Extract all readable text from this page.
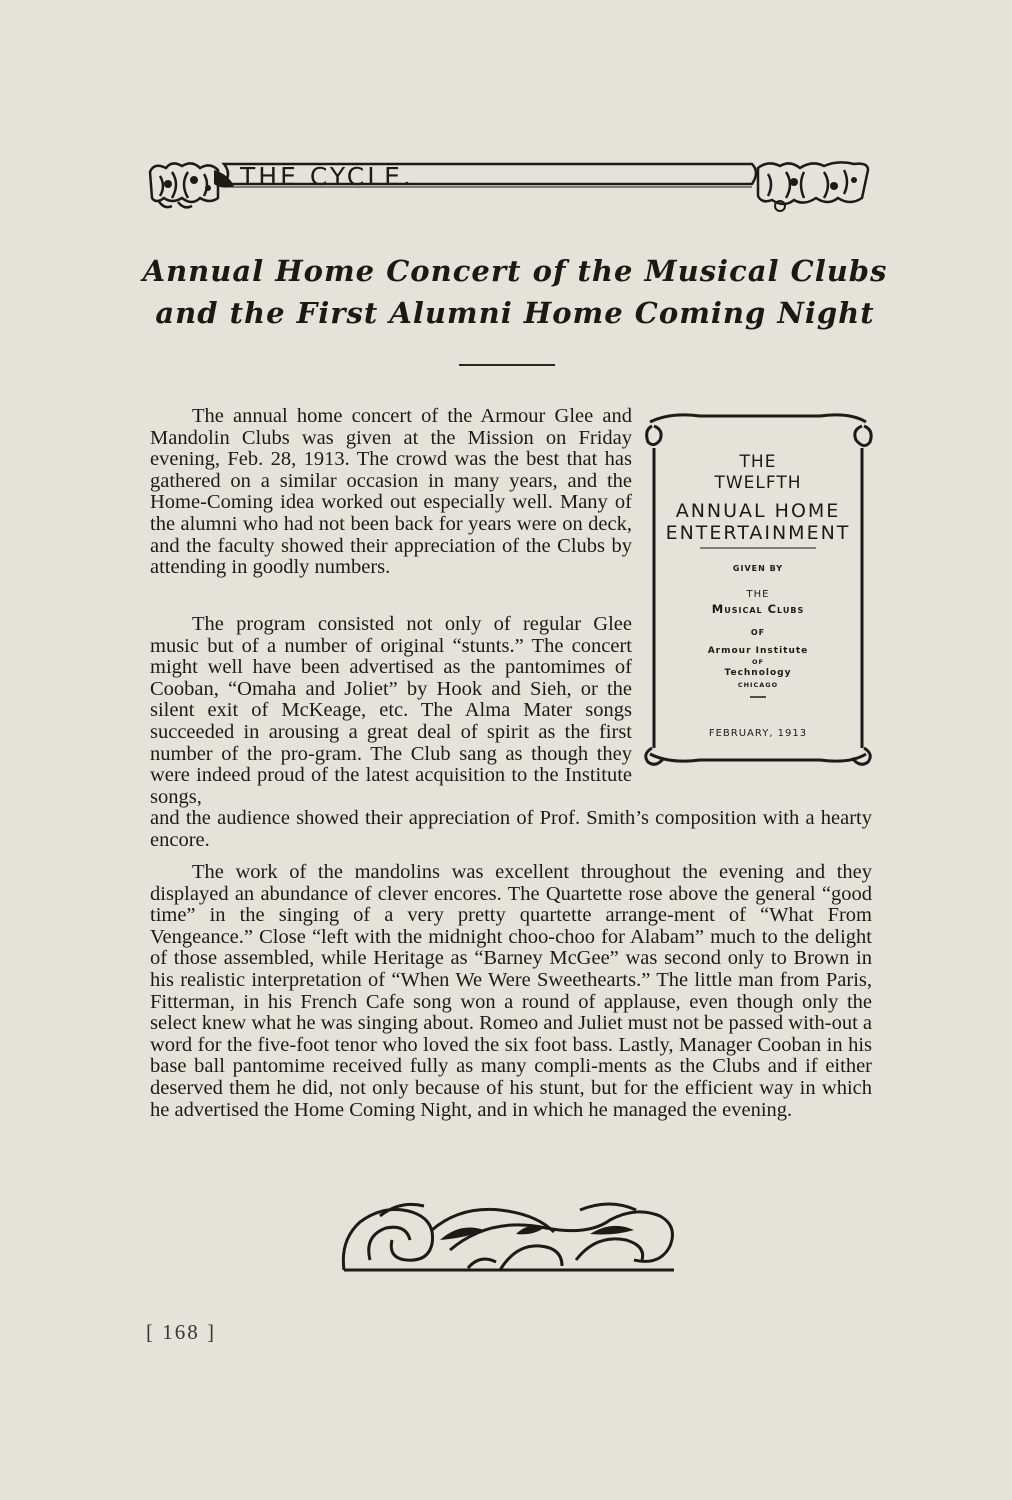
THE CYCLE.
Annual Home Concert of the Musical Clubs
and the First Alumni Home Coming Night

The annual home concert of the Armour Glee and Mandolin Clubs was given at the Mission on Friday evening, Feb. 28, 1913. The crowd was the best that has gathered on a similar occasion in many years, and the Home-Coming idea worked out especially well. Many of the alumni who had not been back for years were on deck, and the faculty showed their appreciation of the Clubs by attending in goodly numbers.

The program consisted not only of regular Glee music but of a number of original “stunts.” The concert might well have been advertised as the pantomimes of Cooban, “Omaha and Joliet” by Hook and Sieh, or the silent exit of McKeage, etc. The Alma Mater songs succeeded in arousing a great deal of spirit as the first number of the pro-gram. The Club sang as though they were indeed proud of the latest acquisition to the Institute songs,

and the audience showed their appreciation of Prof. Smith’s composition with a hearty encore.

The work of the mandolins was excellent throughout the evening and they displayed an abundance of clever encores. The Quartette rose above the general “good time” in the singing of a very pretty quartette arrange-ment of “What From Vengeance.” Close “left with the midnight choo-choo for Alabam” much to the delight of those assembled, while Heritage as “Barney McGee” was second only to Brown in his realistic interpretation of “When We Were Sweethearts.” The little man from Paris, Fitterman, in his French Cafe song won a round of applause, even though only the select knew what he was singing about. Romeo and Juliet must not be passed with-out a word for the five-foot tenor who loved the six foot bass. Lastly, Manager Cooban in his base ball pantomime received fully as many compli-ments as the Clubs and if either deserved them he did, not only because of his stunt, but for the efficient way in which he advertised the Home Coming Night, and in which he managed the evening.

THE

TWELFTH

ANNUAL HOME

ENTERTAINMENT

GIVEN BY

THE

Musical Clubs

OF

Armour Institute

OF

Technology

CHICAGO

FEBRUARY, 1913

[ 168 ]
